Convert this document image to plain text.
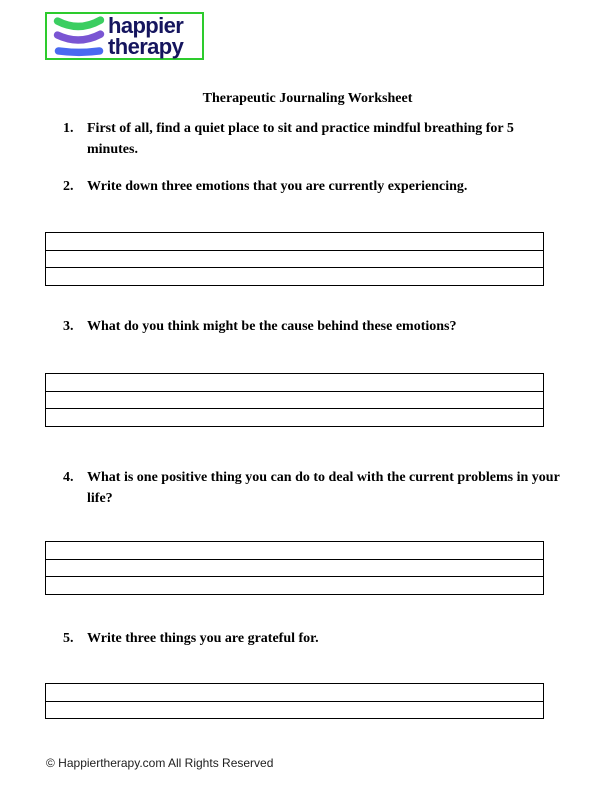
happier
therapy
Therapeutic Journaling Worksheet
1. First of all, find a quiet place to sit and practice mindful breathing for 5 minutes.
2. Write down three emotions that you are currently experiencing.
3. What do you think might be the cause behind these emotions?
4. What is one positive thing you can do to deal with the current problems in your life?
5. Write three things you are grateful for.
© Happiertherapy.com All Rights Reserved
